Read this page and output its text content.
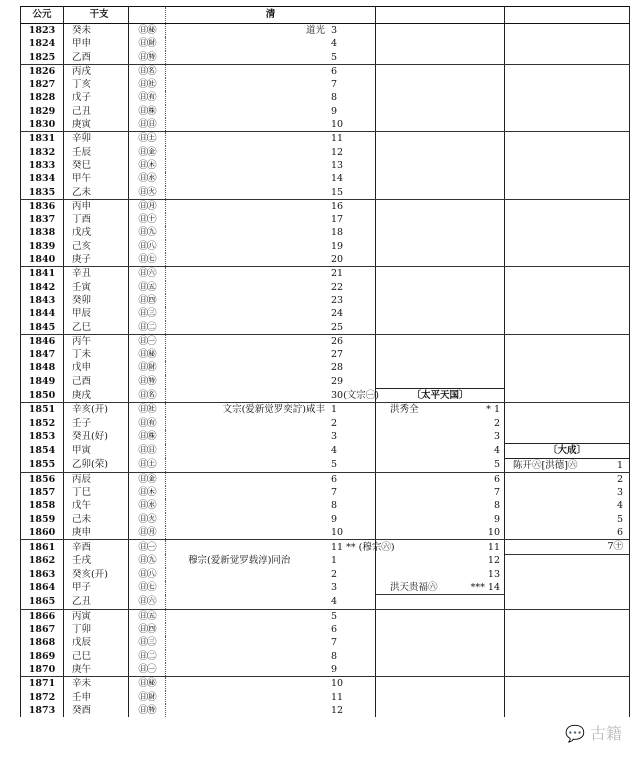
公元	干支		清		
1823	癸未	㊐㊙	道光 3		

1824	甲申	㊐㊖	4		

1825	乙酉	㊐㊕	5		

1826	丙戌	㊐㊔	6		

1827	丁亥	㊐㊓	7		

1828	戊子	㊐㊒	8		

1829	己丑	㊐㊑	9		

1830	庚寅	㊐㊐	10		

1831	辛卯	㊐㊏	11		

1832	壬辰	㊐㊎	12		

1833	癸巳	㊐㊍	13		

1834	甲午	㊐㊌	14		

1835	乙未	㊐㊋	15		

1836	丙申	㊐㊊	16		

1837	丁酉	㊐㊉	17		

1838	戊戌	㊐㊈	18		

1839	己亥	㊐㊇	19		

1840	庚子	㊐㊆	20		

1841	辛丑	㊐㊅	21		

1842	壬寅	㊐㊄	22		

1843	癸卯	㊐㊃	23		

1844	甲辰	㊐㊂	24		

1845	乙巳	㊐㊁	25		

1846	丙午	㊐㊀	26		

1847	丁未	㊐㊙	27		

1848	戊申	㊐㊖	28		

1849	己酉	㊐㊕	29		

1850	庚戌	㊐㊔	30(文宗㊀)	〔太平天国〕	
1851	辛亥(开)	㊐㊓	文宗(爱新觉罗奕詝)咸丰 1	洪秀全 * 1	

1852	壬子	㊐㊒	2	2	

1853	癸丑(好)	㊐㊑	3	3	

1854	甲寅	㊐㊐	4	4	〔大成〕
1855	乙卯(荣)	㊐㊏	5	5	陈开㊅[洪德]㊅ 1

1856	丙辰	㊐㊎	6	6	2

1857	丁巳	㊐㊍	7	7	3

1858	戊午	㊐㊌	8	8	4

1859	己未	㊐㊋	9	9	5

1860	庚申	㊐㊊	10	10	6

1861	辛酉	㊐㊀	11 ** (穆宗㊅)	11	7㊉

1862	壬戌	㊐㊈	穆宗(爱新觉罗载淳)同治 1	12	

1863	癸亥(开)	㊐㊇	2	13	

1864	甲子	㊐㊆	3	洪天贵福㊅ *** 14	

1865	乙丑	㊐㊅	4		

1866	丙寅	㊐㊄	5		

1867	丁卯	㊐㊃	6		

1868	戊辰	㊐㊂	7		

1869	己巳	㊐㊁	8		

1870	庚午	㊐㊀	9		

1871	辛未	㊐㊙	10		

1872	壬申	㊐㊖	11		

1873	癸酉	㊐㊕	12		

💬 古籍
